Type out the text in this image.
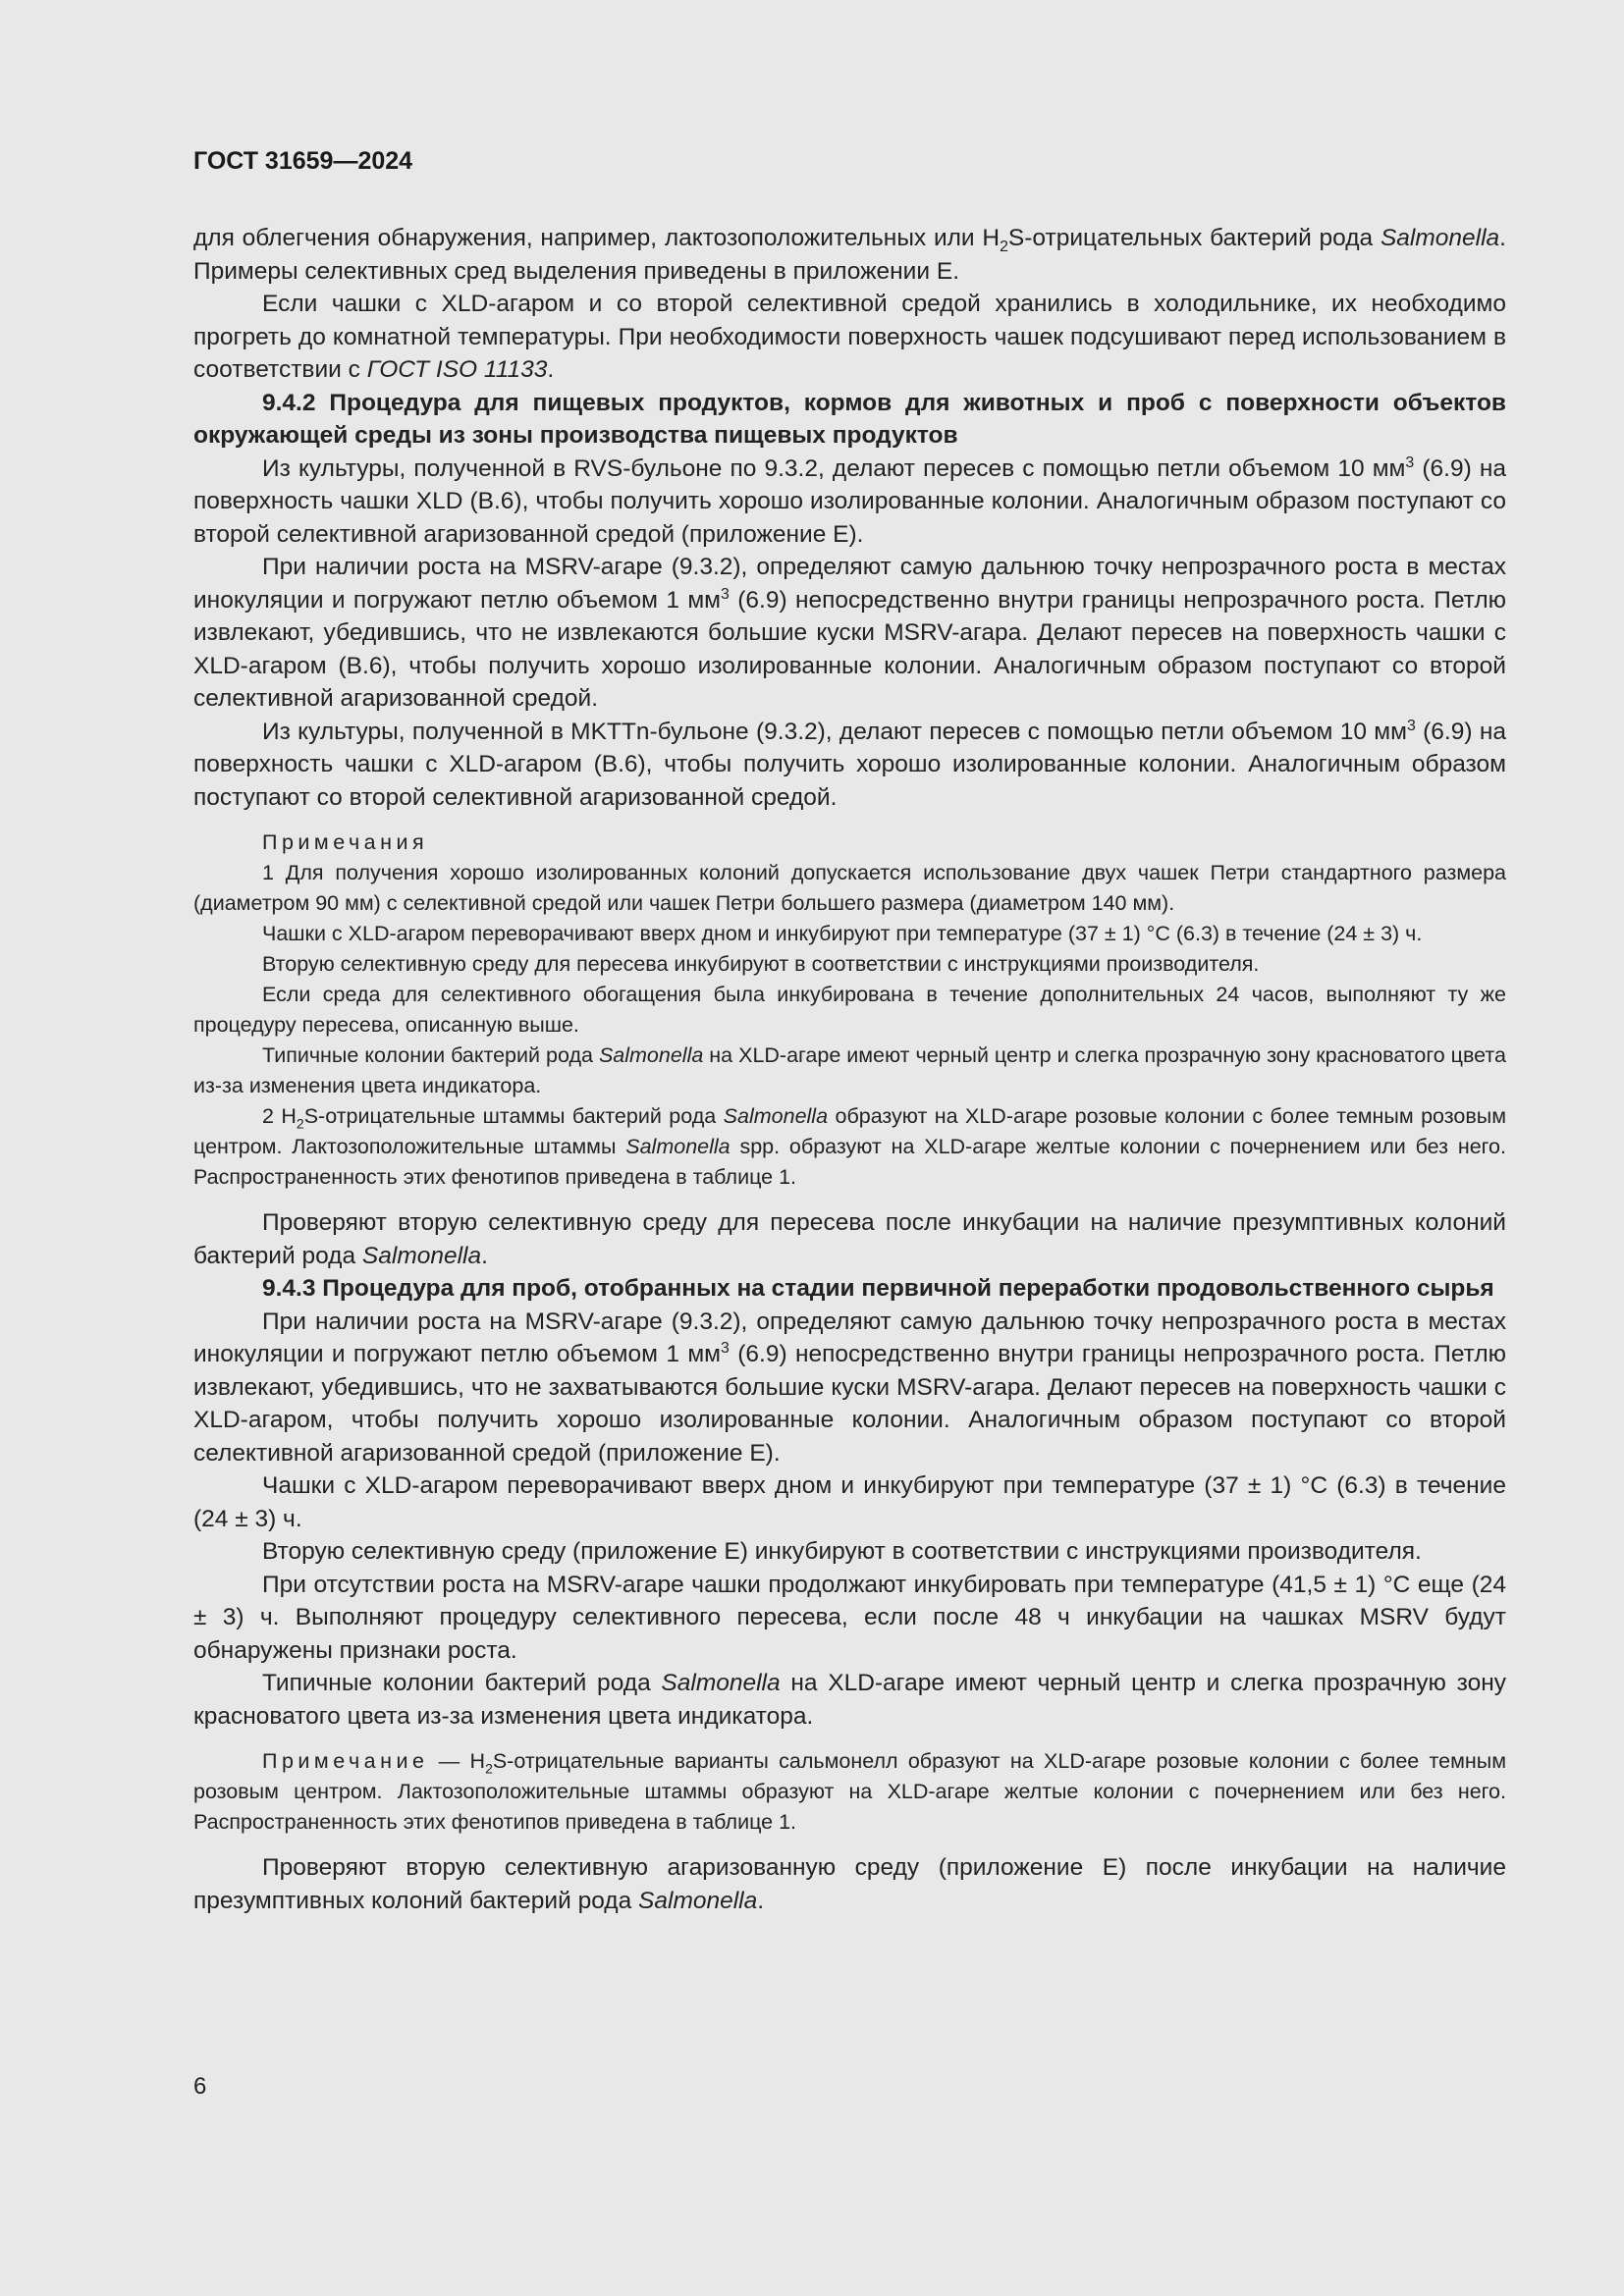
ГОСТ 31659—2024

для облегчения обнаружения, например, лактозоположительных или $H_2S$-отрицательных бактерий рода Salmonella. Примеры селективных сред выделения приведены в приложении Е.

Если чашки с XLD-агаром и со второй селективной средой хранились в холодильнике, их необходимо прогреть до комнатной температуры. При необходимости поверхность чашек подсушивают перед использованием в соответствии с ГОСТ ISO 11133.

9.4.2 Процедура для пищевых продуктов, кормов для животных и проб с поверхности объектов окружающей среды из зоны производства пищевых продуктов

Из культуры, полученной в RVS-бульоне по 9.3.2, делают пересев с помощью петли объемом 10 $мм^3$ (6.9) на поверхность чашки XLD (В.6), чтобы получить хорошо изолированные колонии. Аналогичным образом поступают со второй селективной агаризованной средой (приложение Е).

При наличии роста на MSRV-агаре (9.3.2), определяют самую дальнюю точку непрозрачного роста в местах инокуляции и погружают петлю объемом 1 $мм^3$ (6.9) непосредственно внутри границы непрозрачного роста. Петлю извлекают, убедившись, что не извлекаются большие куски MSRV-агара. Делают пересев на поверхность чашки с XLD-агаром (В.6), чтобы получить хорошо изолированные колонии. Аналогичным образом поступают со второй селективной агаризованной средой.

Из культуры, полученной в MKTTn-бульоне (9.3.2), делают пересев с помощью петли объемом 10 $мм^3$ (6.9) на поверхность чашки с XLD-агаром (В.6), чтобы получить хорошо изолированные колонии. Аналогичным образом поступают со второй селективной агаризованной средой.

Примечания

1 Для получения хорошо изолированных колоний допускается использование двух чашек Петри стандартного размера (диаметром 90 мм) с селективной средой или чашек Петри большего размера (диаметром 140 мм).

Чашки с XLD-агаром переворачивают вверх дном и инкубируют при температуре (37 ± 1) °С (6.3) в течение (24 ± 3) ч.

Вторую селективную среду для пересева инкубируют в соответствии с инструкциями производителя.

Если среда для селективного обогащения была инкубирована в течение дополнительных 24 часов, выполняют ту же процедуру пересева, описанную выше.

Типичные колонии бактерий рода Salmonella на XLD-агаре имеют черный центр и слегка прозрачную зону красноватого цвета из-за изменения цвета индикатора.

2 $H_2S$-отрицательные штаммы бактерий рода Salmonella образуют на XLD-агаре розовые колонии с более темным розовым центром. Лактозоположительные штаммы Salmonella spp. образуют на XLD-агаре желтые колонии с почернением или без него. Распространенность этих фенотипов приведена в таблице 1.

Проверяют вторую селективную среду для пересева после инкубации на наличие презумптивных колоний бактерий рода Salmonella.

9.4.3 Процедура для проб, отобранных на стадии первичной переработки продовольственного сырья

При наличии роста на MSRV-агаре (9.3.2), определяют самую дальнюю точку непрозрачного роста в местах инокуляции и погружают петлю объемом 1 $мм^3$ (6.9) непосредственно внутри границы непрозрачного роста. Петлю извлекают, убедившись, что не захватываются большие куски MSRV-агара. Делают пересев на поверхность чашки с XLD-агаром, чтобы получить хорошо изолированные колонии. Аналогичным образом поступают со второй селективной агаризованной средой (приложение Е).

Чашки с XLD-агаром переворачивают вверх дном и инкубируют при температуре (37 ± 1) °С (6.3) в течение (24 ± 3) ч.

Вторую селективную среду (приложение Е) инкубируют в соответствии с инструкциями производителя.

При отсутствии роста на MSRV-агаре чашки продолжают инкубировать при температуре (41,5 ± 1) °С еще (24 ± 3) ч. Выполняют процедуру селективного пересева, если после 48 ч инкубации на чашках MSRV будут обнаружены признаки роста.

Типичные колонии бактерий рода Salmonella на XLD-агаре имеют черный центр и слегка прозрачную зону красноватого цвета из-за изменения цвета индикатора.

Примечание — $H_2S$-отрицательные варианты сальмонелл образуют на XLD-агаре розовые колонии с более темным розовым центром. Лактозоположительные штаммы образуют на XLD-агаре желтые колонии с почернением или без него. Распространенность этих фенотипов приведена в таблице 1.

Проверяют вторую селективную агаризованную среду (приложение Е) после инкубации на наличие презумптивных колоний бактерий рода Salmonella.

6
